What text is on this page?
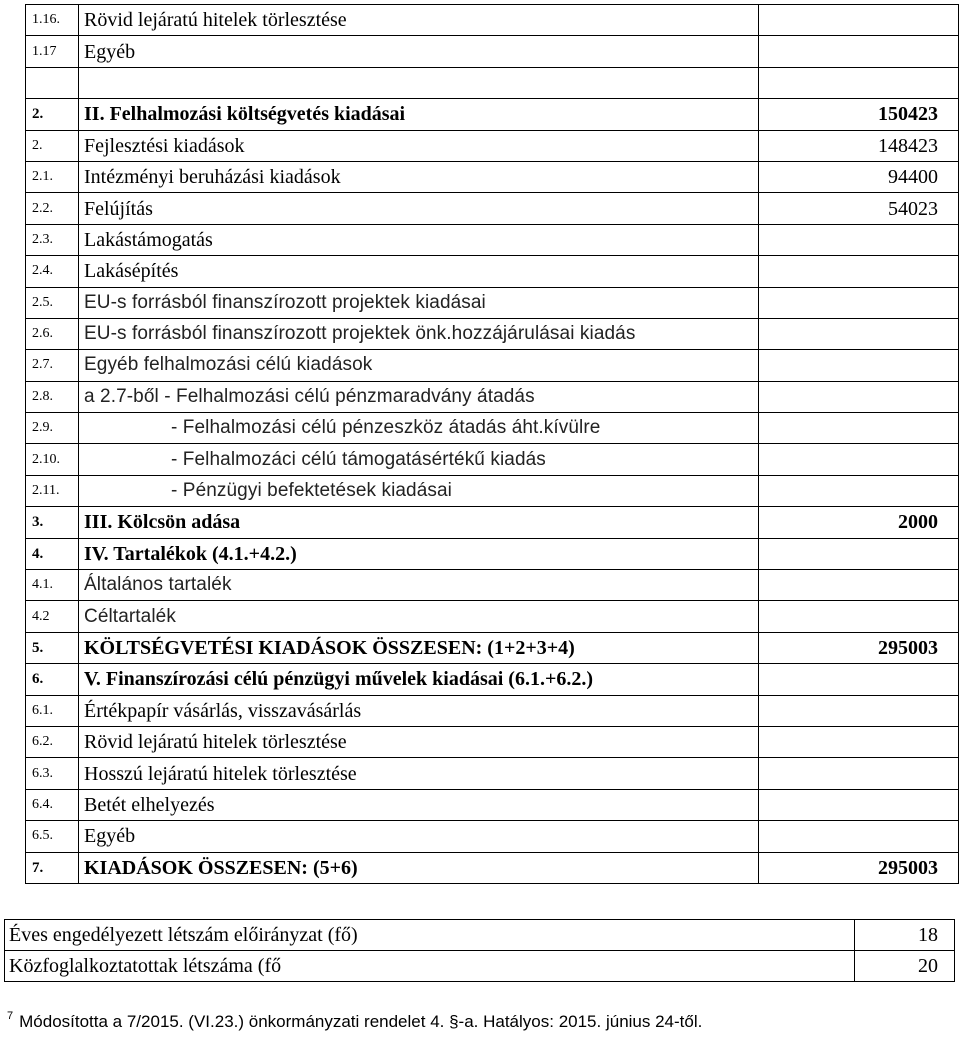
1.16.	Rövid lejáratú hitelek törlesztése	
1.17	Egyéb	

2.	II. Felhalmozási költségvetés kiadásai	150423
2.	Fejlesztési kiadások	148423
2.1.	Intézményi beruházási kiadások	94400
2.2.	Felújítás	54023
2.3.	Lakástámogatás	
2.4.	Lakásépítés	
2.5.	EU-s forrásból finanszírozott projektek kiadásai	
2.6.	EU-s forrásból finanszírozott projektek önk.hozzájárulásai kiadás	
2.7.	Egyéb felhalmozási célú kiadások	
2.8.	a 2.7-ből - Felhalmozási célú pénzmaradvány átadás	
2.9.	- Felhalmozási célú pénzeszköz átadás áht.kívülre	
2.10.	- Felhalmozáci célú támogatásértékű kiadás	
2.11.	- Pénzügyi befektetések kiadásai	
3.	III. Kölcsön adása	2000
4.	IV. Tartalékok (4.1.+4.2.)	
4.1.	Általános tartalék	
4.2	Céltartalék	
5.	KÖLTSÉGVETÉSI KIADÁSOK ÖSSZESEN: (1+2+3+4)	295003
6.	V. Finanszírozási célú pénzügyi művelek kiadásai (6.1.+6.2.)	
6.1.	Értékpapír vásárlás, visszavásárlás	
6.2.	Rövid lejáratú hitelek törlesztése	
6.3.	Hosszú lejáratú hitelek törlesztése	
6.4.	Betét elhelyezés	
6.5.	Egyéb	
7.	KIADÁSOK ÖSSZESEN: (5+6)	295003
Éves engedélyezett létszám előirányzat (fő)	18
Közfoglalkoztatottak létszáma (fő	20
$^7$ Módosította a 7/2015. (VI.23.) önkormányzati rendelet 4. §-a. Hatályos: 2015. június 24-től.
